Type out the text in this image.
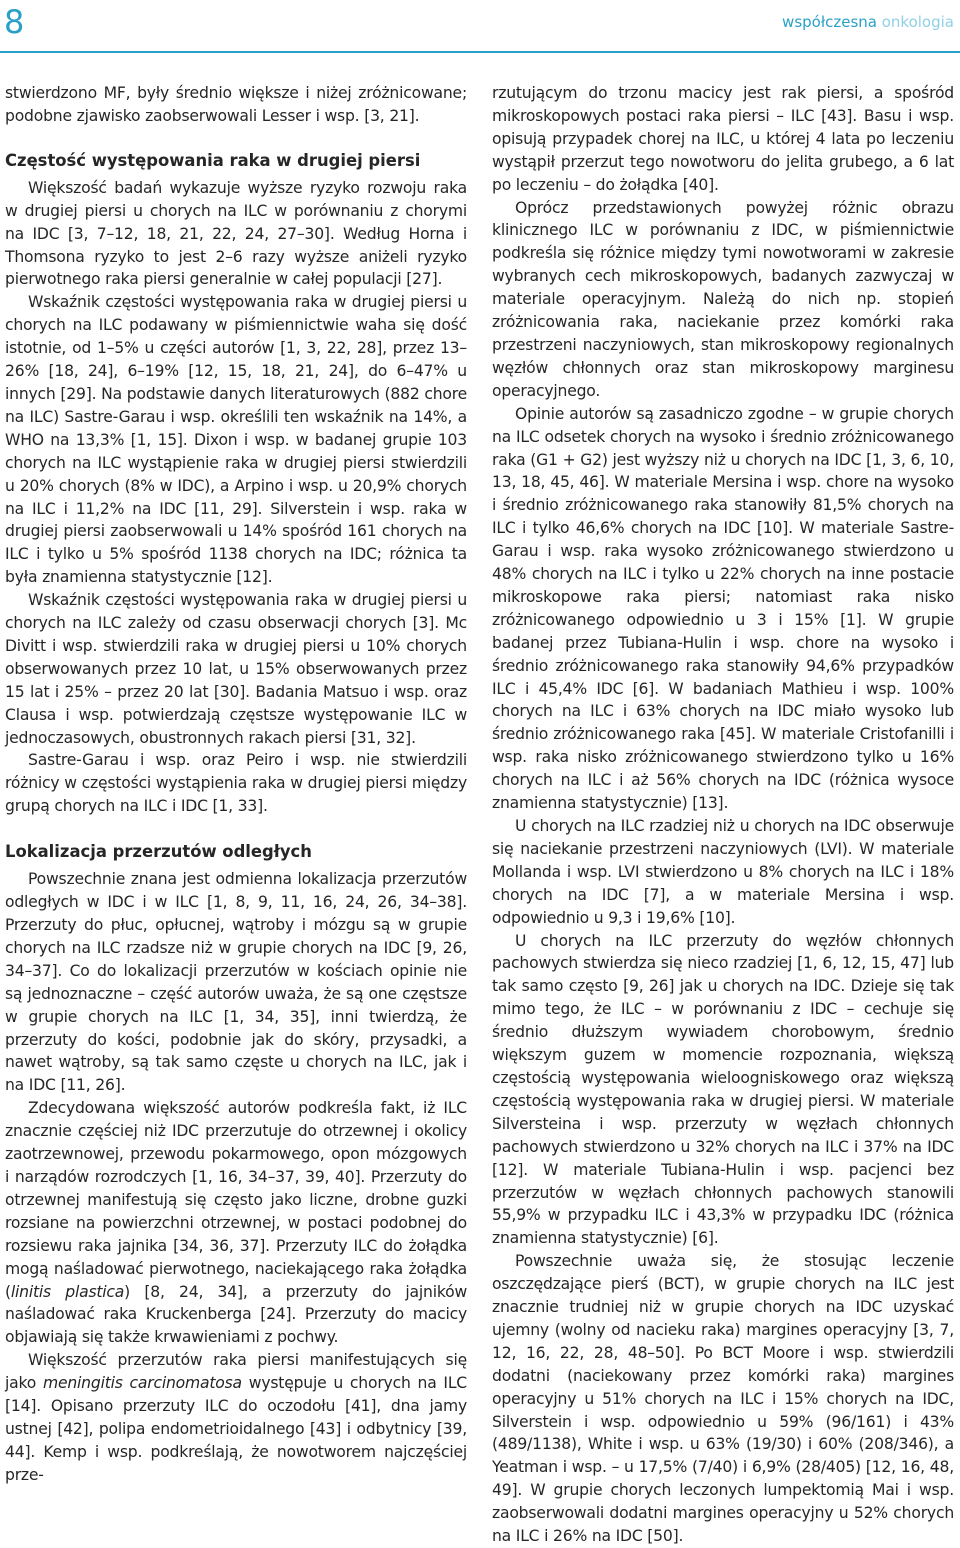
8	współczesna onkologia

stwierdzono MF, były średnio większe i niżej zróżnicowane; podobne zjawisko zaobserwowali Lesser i wsp. [3, 21].

Częstość występowania raka w drugiej piersi

Większość badań wykazuje wyższe ryzyko rozwoju raka w drugiej piersi u chorych na ILC w porównaniu z chorymi na IDC [3, 7–12, 18, 21, 22, 24, 27–30]. Według Horna i Thomsona ryzyko to jest 2–6 razy wyższe aniżeli ryzyko pierwotnego raka piersi generalnie w całej populacji [27].

Wskaźnik częstości występowania raka w drugiej piersi u chorych na ILC podawany w piśmiennictwie waha się dość istotnie, od 1–5% u części autorów [1, 3, 22, 28], przez 13–26% [18, 24], 6–19% [12, 15, 18, 21, 24], do 6–47% u innych [29]. Na podstawie danych literaturowych (882 chore na ILC) Sastre-Garau i wsp. określili ten wskaźnik na 14%, a WHO na 13,3% [1, 15]. Dixon i wsp. w badanej grupie 103 chorych na ILC wystąpienie raka w drugiej piersi stwierdzili u 20% chorych (8% w IDC), a Arpino i wsp. u 20,9% chorych na ILC i 11,2% na IDC [11, 29]. Silverstein i wsp. raka w drugiej piersi zaobserwowali u 14% spośród 161 chorych na ILC i tylko u 5% spośród 1138 chorych na IDC; różnica ta była znamienna statystycznie [12].

Wskaźnik częstości występowania raka w drugiej piersi u chorych na ILC zależy od czasu obserwacji chorych [3]. Mc Divitt i wsp. stwierdzili raka w drugiej piersi u 10% chorych obserwowanych przez 10 lat, u 15% obserwowanych przez 15 lat i 25% – przez 20 lat [30]. Badania Matsuo i wsp. oraz Clausa i wsp. potwierdzają częstsze występowanie ILC w jednoczasowych, obustronnych rakach piersi [31, 32].

Sastre-Garau i wsp. oraz Peiro i wsp. nie stwierdzili różnicy w częstości wystąpienia raka w drugiej piersi między grupą chorych na ILC i IDC [1, 33].

Lokalizacja przerzutów odległych

Powszechnie znana jest odmienna lokalizacja przerzutów odległych w IDC i w ILC [1, 8, 9, 11, 16, 24, 26, 34–38]. Przerzuty do płuc, opłucnej, wątroby i mózgu są w grupie chorych na ILC rzadsze niż w grupie chorych na IDC [9, 26, 34–37]. Co do lokalizacji przerzutów w kościach opinie nie są jednoznaczne – część autorów uważa, że są one częstsze w grupie chorych na ILC [1, 34, 35], inni twierdzą, że przerzuty do kości, podobnie jak do skóry, przysadki, a nawet wątroby, są tak samo częste u chorych na ILC, jak i na IDC [11, 26].

Zdecydowana większość autorów podkreśla fakt, iż ILC znacznie częściej niż IDC przerzutuje do otrzewnej i okolicy zaotrzewnowej, przewodu pokarmowego, opon mózgowych i narządów rozrodczych [1, 16, 34–37, 39, 40]. Przerzuty do otrzewnej manifestują się często jako liczne, drobne guzki rozsiane na powierzchni otrzewnej, w postaci podobnej do rozsiewu raka jajnika [34, 36, 37]. Przerzuty ILC do żołądka mogą naśladować pierwotnego, naciekającego raka żołądka (linitis plastica) [8, 24, 34], a przerzuty do jajników naśladować raka Kruckenberga [24]. Przerzuty do macicy objawiają się także krwawieniami z pochwy.

Większość przerzutów raka piersi manifestujących się jako meningitis carcinomatosa występuje u chorych na ILC [14]. Opisano przerzuty ILC do oczodołu [41], dna jamy ustnej [42], polipa endometrioidalnego [43] i odbytnicy [39, 44]. Kemp i wsp. podkreślają, że nowotworem najczęściej prze-

rzutującym do trzonu macicy jest rak piersi, a spośród mikroskopowych postaci raka piersi – ILC [43]. Basu i wsp. opisują przypadek chorej na ILC, u której 4 lata po leczeniu wystąpił przerzut tego nowotworu do jelita grubego, a 6 lat po leczeniu – do żołądka [40].

Oprócz przedstawionych powyżej różnic obrazu klinicznego ILC w porównaniu z IDC, w piśmiennictwie podkreśla się różnice między tymi nowotworami w zakresie wybranych cech mikroskopowych, badanych zazwyczaj w materiale operacyjnym. Należą do nich np. stopień zróżnicowania raka, naciekanie przez komórki raka przestrzeni naczyniowych, stan mikroskopowy regionalnych węzłów chłonnych oraz stan mikroskopowy marginesu operacyjnego.

Opinie autorów są zasadniczo zgodne – w grupie chorych na ILC odsetek chorych na wysoko i średnio zróżnicowanego raka (G1 + G2) jest wyższy niż u chorych na IDC [1, 3, 6, 10, 13, 18, 45, 46]. W materiale Mersina i wsp. chore na wysoko i średnio zróżnicowanego raka stanowiły 81,5% chorych na ILC i tylko 46,6% chorych na IDC [10]. W materiale Sastre-Garau i wsp. raka wysoko zróżnicowanego stwierdzono u 48% chorych na ILC i tylko u 22% chorych na inne postacie mikroskopowe raka piersi; natomiast raka nisko zróżnicowanego odpowiednio u 3 i 15% [1]. W grupie badanej przez Tubiana-Hulin i wsp. chore na wysoko i średnio zróżnicowanego raka stanowiły 94,6% przypadków ILC i 45,4% IDC [6]. W badaniach Mathieu i wsp. 100% chorych na ILC i 63% chorych na IDC miało wysoko lub średnio zróżnicowanego raka [45]. W materiale Cristofanilli i wsp. raka nisko zróżnicowanego stwierdzono tylko u 16% chorych na ILC i aż 56% chorych na IDC (różnica wysoce znamienna statystycznie) [13].

U chorych na ILC rzadziej niż u chorych na IDC obserwuje się naciekanie przestrzeni naczyniowych (LVI). W materiale Mollanda i wsp. LVI stwierdzono u 8% chorych na ILC i 18% chorych na IDC [7], a w materiale Mersina i wsp. odpowiednio u 9,3 i 19,6% [10].

U chorych na ILC przerzuty do węzłów chłonnych pachowych stwierdza się nieco rzadziej [1, 6, 12, 15, 47] lub tak samo często [9, 26] jak u chorych na IDC. Dzieje się tak mimo tego, że ILC – w porównaniu z IDC – cechuje się średnio dłuższym wywiadem chorobowym, średnio większym guzem w momencie rozpoznania, większą częstością występowania wieloogniskowego oraz większą częstością występowania raka w drugiej piersi. W materiale Silversteina i wsp. przerzuty w węzłach chłonnych pachowych stwierdzono u 32% chorych na ILC i 37% na IDC [12]. W materiale Tubiana-Hulin i wsp. pacjenci bez przerzutów w węzłach chłonnych pachowych stanowili 55,9% w przypadku ILC i 43,3% w przypadku IDC (różnica znamienna statystycznie) [6].

Powszechnie uważa się, że stosując leczenie oszczędzające pierś (BCT), w grupie chorych na ILC jest znacznie trudniej niż w grupie chorych na IDC uzyskać ujemny (wolny od nacieku raka) margines operacyjny [3, 7, 12, 16, 22, 28, 48–50]. Po BCT Moore i wsp. stwierdzili dodatni (naciekowany przez komórki raka) margines operacyjny u 51% chorych na ILC i 15% chorych na IDC, Silverstein i wsp. odpowiednio u 59% (96/161) i 43% (489/1138), White i wsp. u 63% (19/30) i 60% (208/346), a Yeatman i wsp. – u 17,5% (7/40) i 6,9% (28/405) [12, 16, 48, 49]. W grupie chorych leczonych lumpektomią Mai i wsp. zaobserwowali dodatni margines operacyjny u 52% chorych na ILC i 26% na IDC [50].
